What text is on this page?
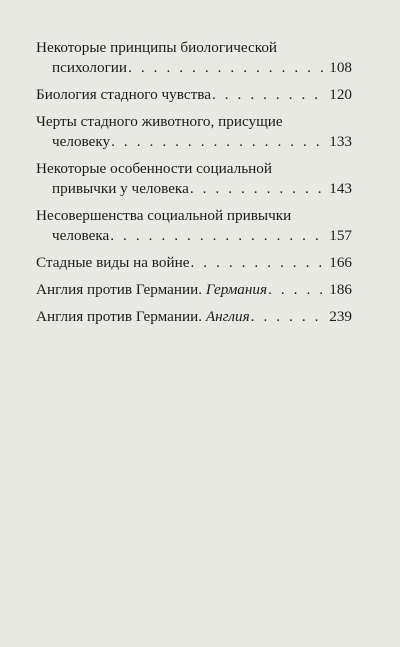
Некоторые принципы биологической
психологии . . .	108
Биология стадного чувства . . .	120
Черты стадного животного, присущие
человеку . . .	133
Некоторые особенности социальной
привычки у человека . . .	143
Несовершенства социальной привычки
человека . . .	157
Стадные виды на войне . . .	166
Англия против Германии. Германия . . .	186
Англия против Германии. Англия . . .	239
